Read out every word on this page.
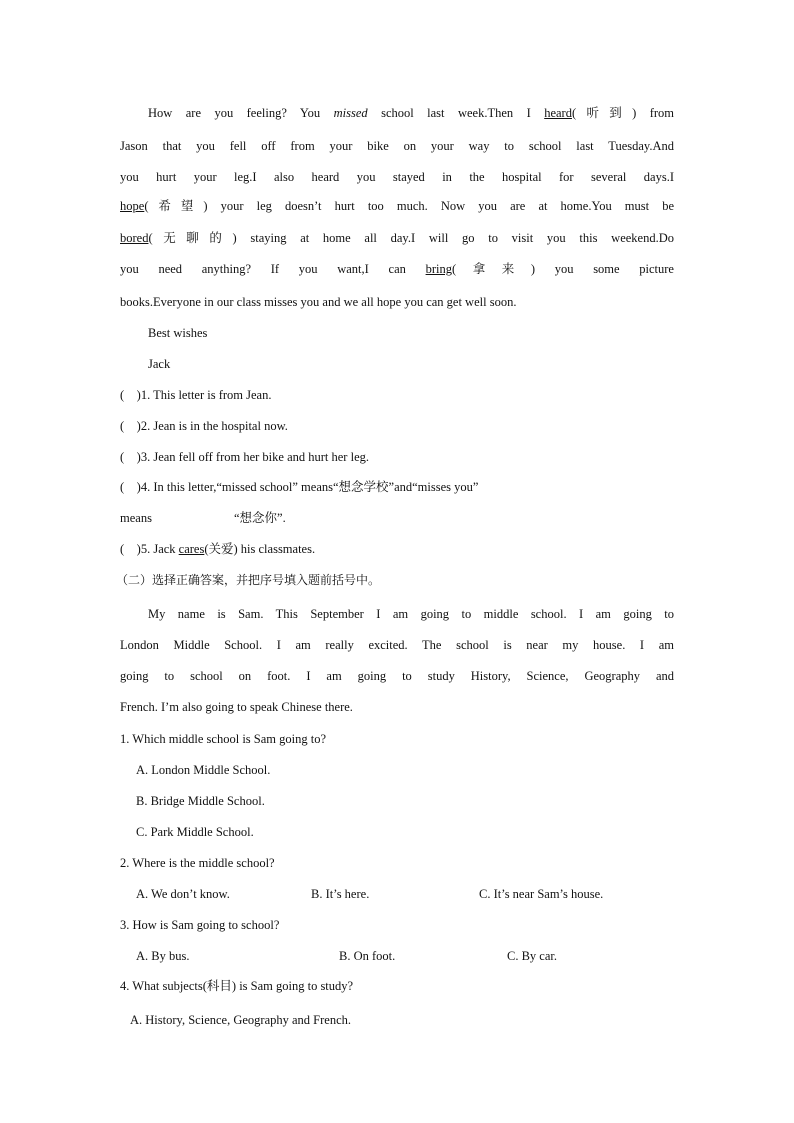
How are you feeling? You missed school last week.Then I heard(听到) from
Jason that you fell off from your bike on your way to school last Tuesday.And
you hurt your leg.I also heard you stayed in the hospital for several days.I
hope(希望) your leg doesn’t hurt too much. Now you are at home.You must be
bored(无聊的) staying at home all day.I will go to visit you this weekend.Do
you need anything? If you want,I can bring(拿来) you some picture
books.Everyone in our class misses you and we all hope you can get well soon.
Best wishes
Jack
(    )1. This letter is from Jean.
(    )2. Jean is in the hospital now.
(    )3. Jean fell off from her bike and hurt her leg.
(    )4. In this letter,“missed school” means“想念学校”and“misses you”
means	“想念你”.
(    )5. Jack cares(关爱) his classmates.
（二）选择正确答案，并把序号填入题前括号中。
My name is Sam. This September I am going to middle school. I am going to
London Middle School. I am really excited. The school is near my house. I am
going to school on foot. I am going to study History, Science, Geography and
French. I’m also going to speak Chinese there.
1. Which middle school is Sam going to?
A. London Middle School.
B. Bridge Middle School.
C. Park Middle School.
2. Where is the middle school?
A. We don’t know.	B. It’s here.	C. It’s near Sam’s house.
3. How is Sam going to school?
A. By bus.	B. On foot.	C. By car.
4. What subjects(科目) is Sam going to study?
A. History, Science, Geography and French.
